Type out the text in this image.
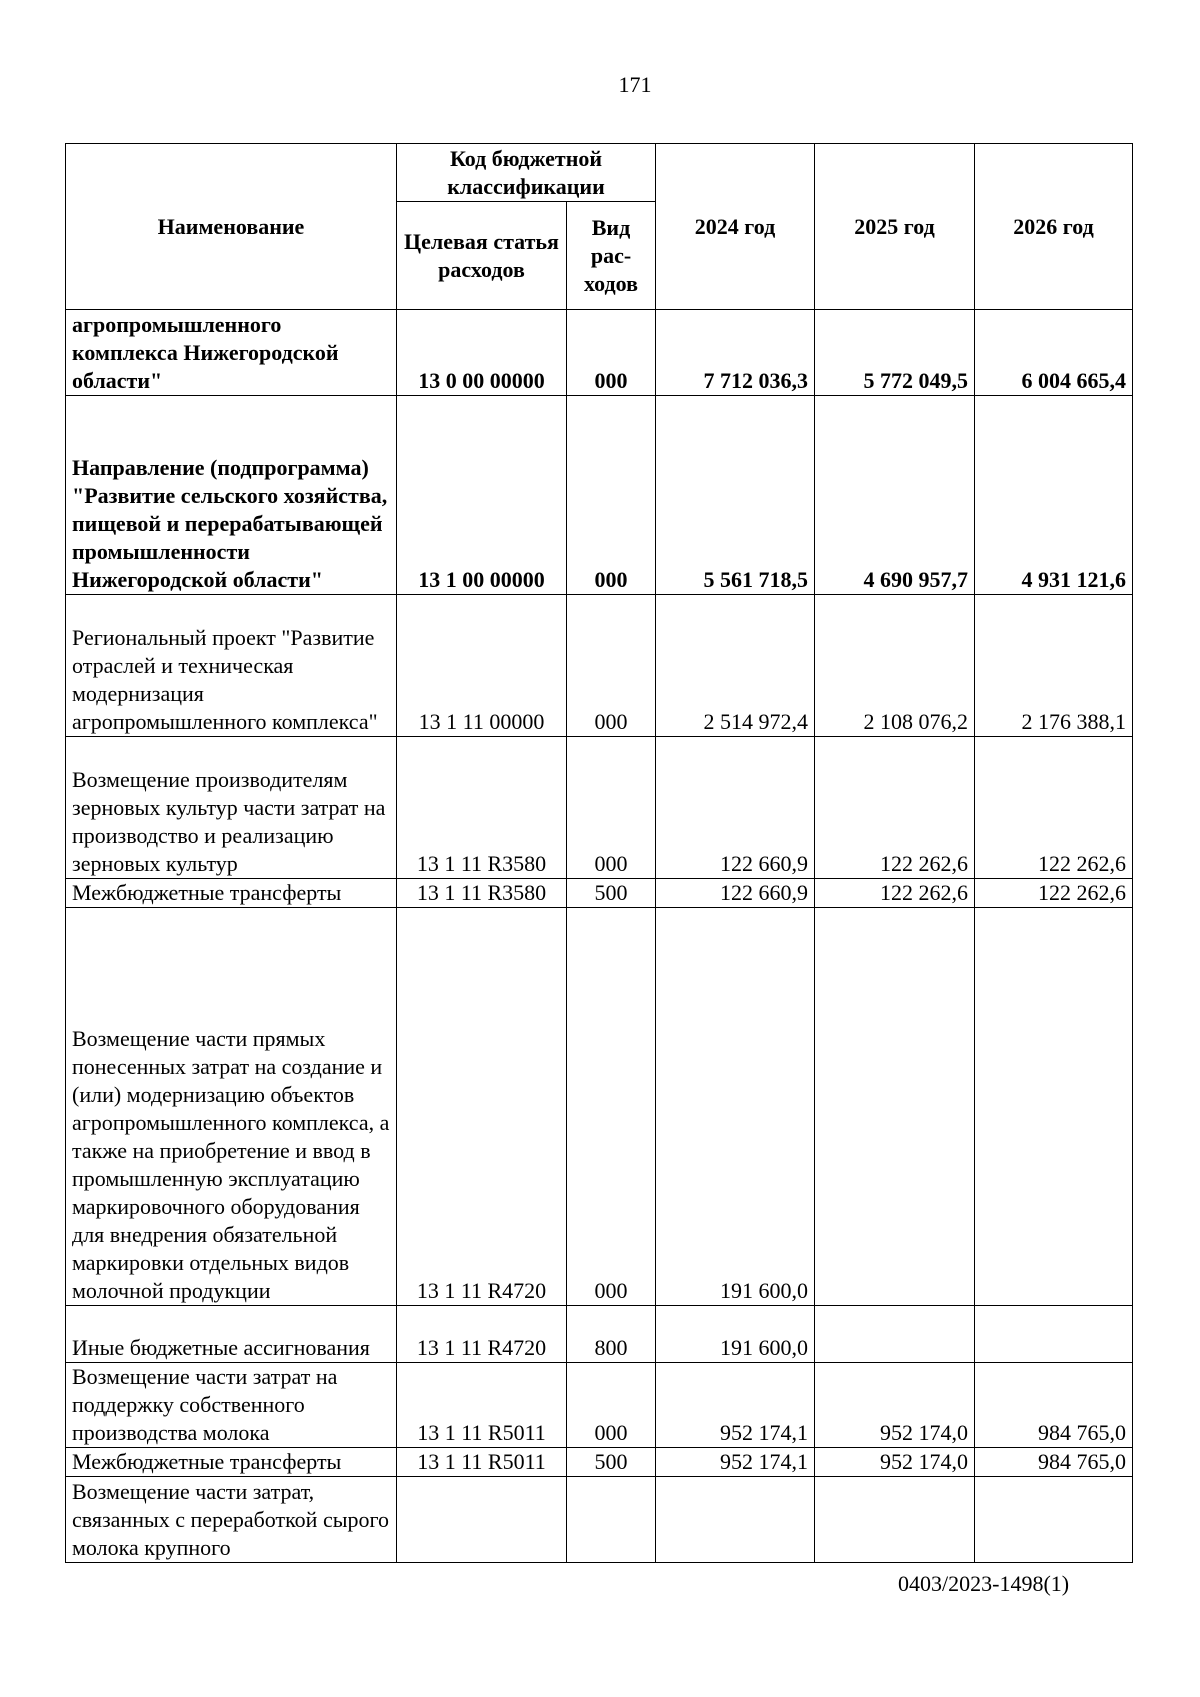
171
Наименование	Код бюджетной классификации		2024 год	2025 год	2026 год
	Целевая статья расходов	Вид рас-ходов			
агропромышленного комплекса Нижегородской области"	13 0 00 00000	000	7 712 036,3	5 772 049,5	6 004 665,4
Направление (подпрограмма) "Развитие сельского хозяйства, пищевой и перерабатывающей промышленности Нижегородской области"	13 1 00 00000	000	5 561 718,5	4 690 957,7	4 931 121,6
Региональный проект "Развитие отраслей и техническая модернизация агропромышленного комплекса"	13 1 11 00000	000	2 514 972,4	2 108 076,2	2 176 388,1
Возмещение производителям зерновых культур части затрат на производство и реализацию зерновых культур	13 1 11 R3580	000	122 660,9	122 262,6	122 262,6
Межбюджетные трансферты	13 1 11 R3580	500	122 660,9	122 262,6	122 262,6
Возмещение части прямых понесенных затрат на создание и (или) модернизацию объектов агропромышленного комплекса, а также на приобретение и ввод в промышленную эксплуатацию маркировочного оборудования для внедрения обязательной маркировки отдельных видов молочной продукции	13 1 11 R4720	000	191 600,0		
Иные бюджетные ассигнования	13 1 11 R4720	800	191 600,0		
Возмещение части затрат на поддержку собственного производства молока	13 1 11 R5011	000	952 174,1	952 174,0	984 765,0
Межбюджетные трансферты	13 1 11 R5011	500	952 174,1	952 174,0	984 765,0
Возмещение части затрат, связанных с переработкой сырого молока крупного					
0403/2023-1498(1)
